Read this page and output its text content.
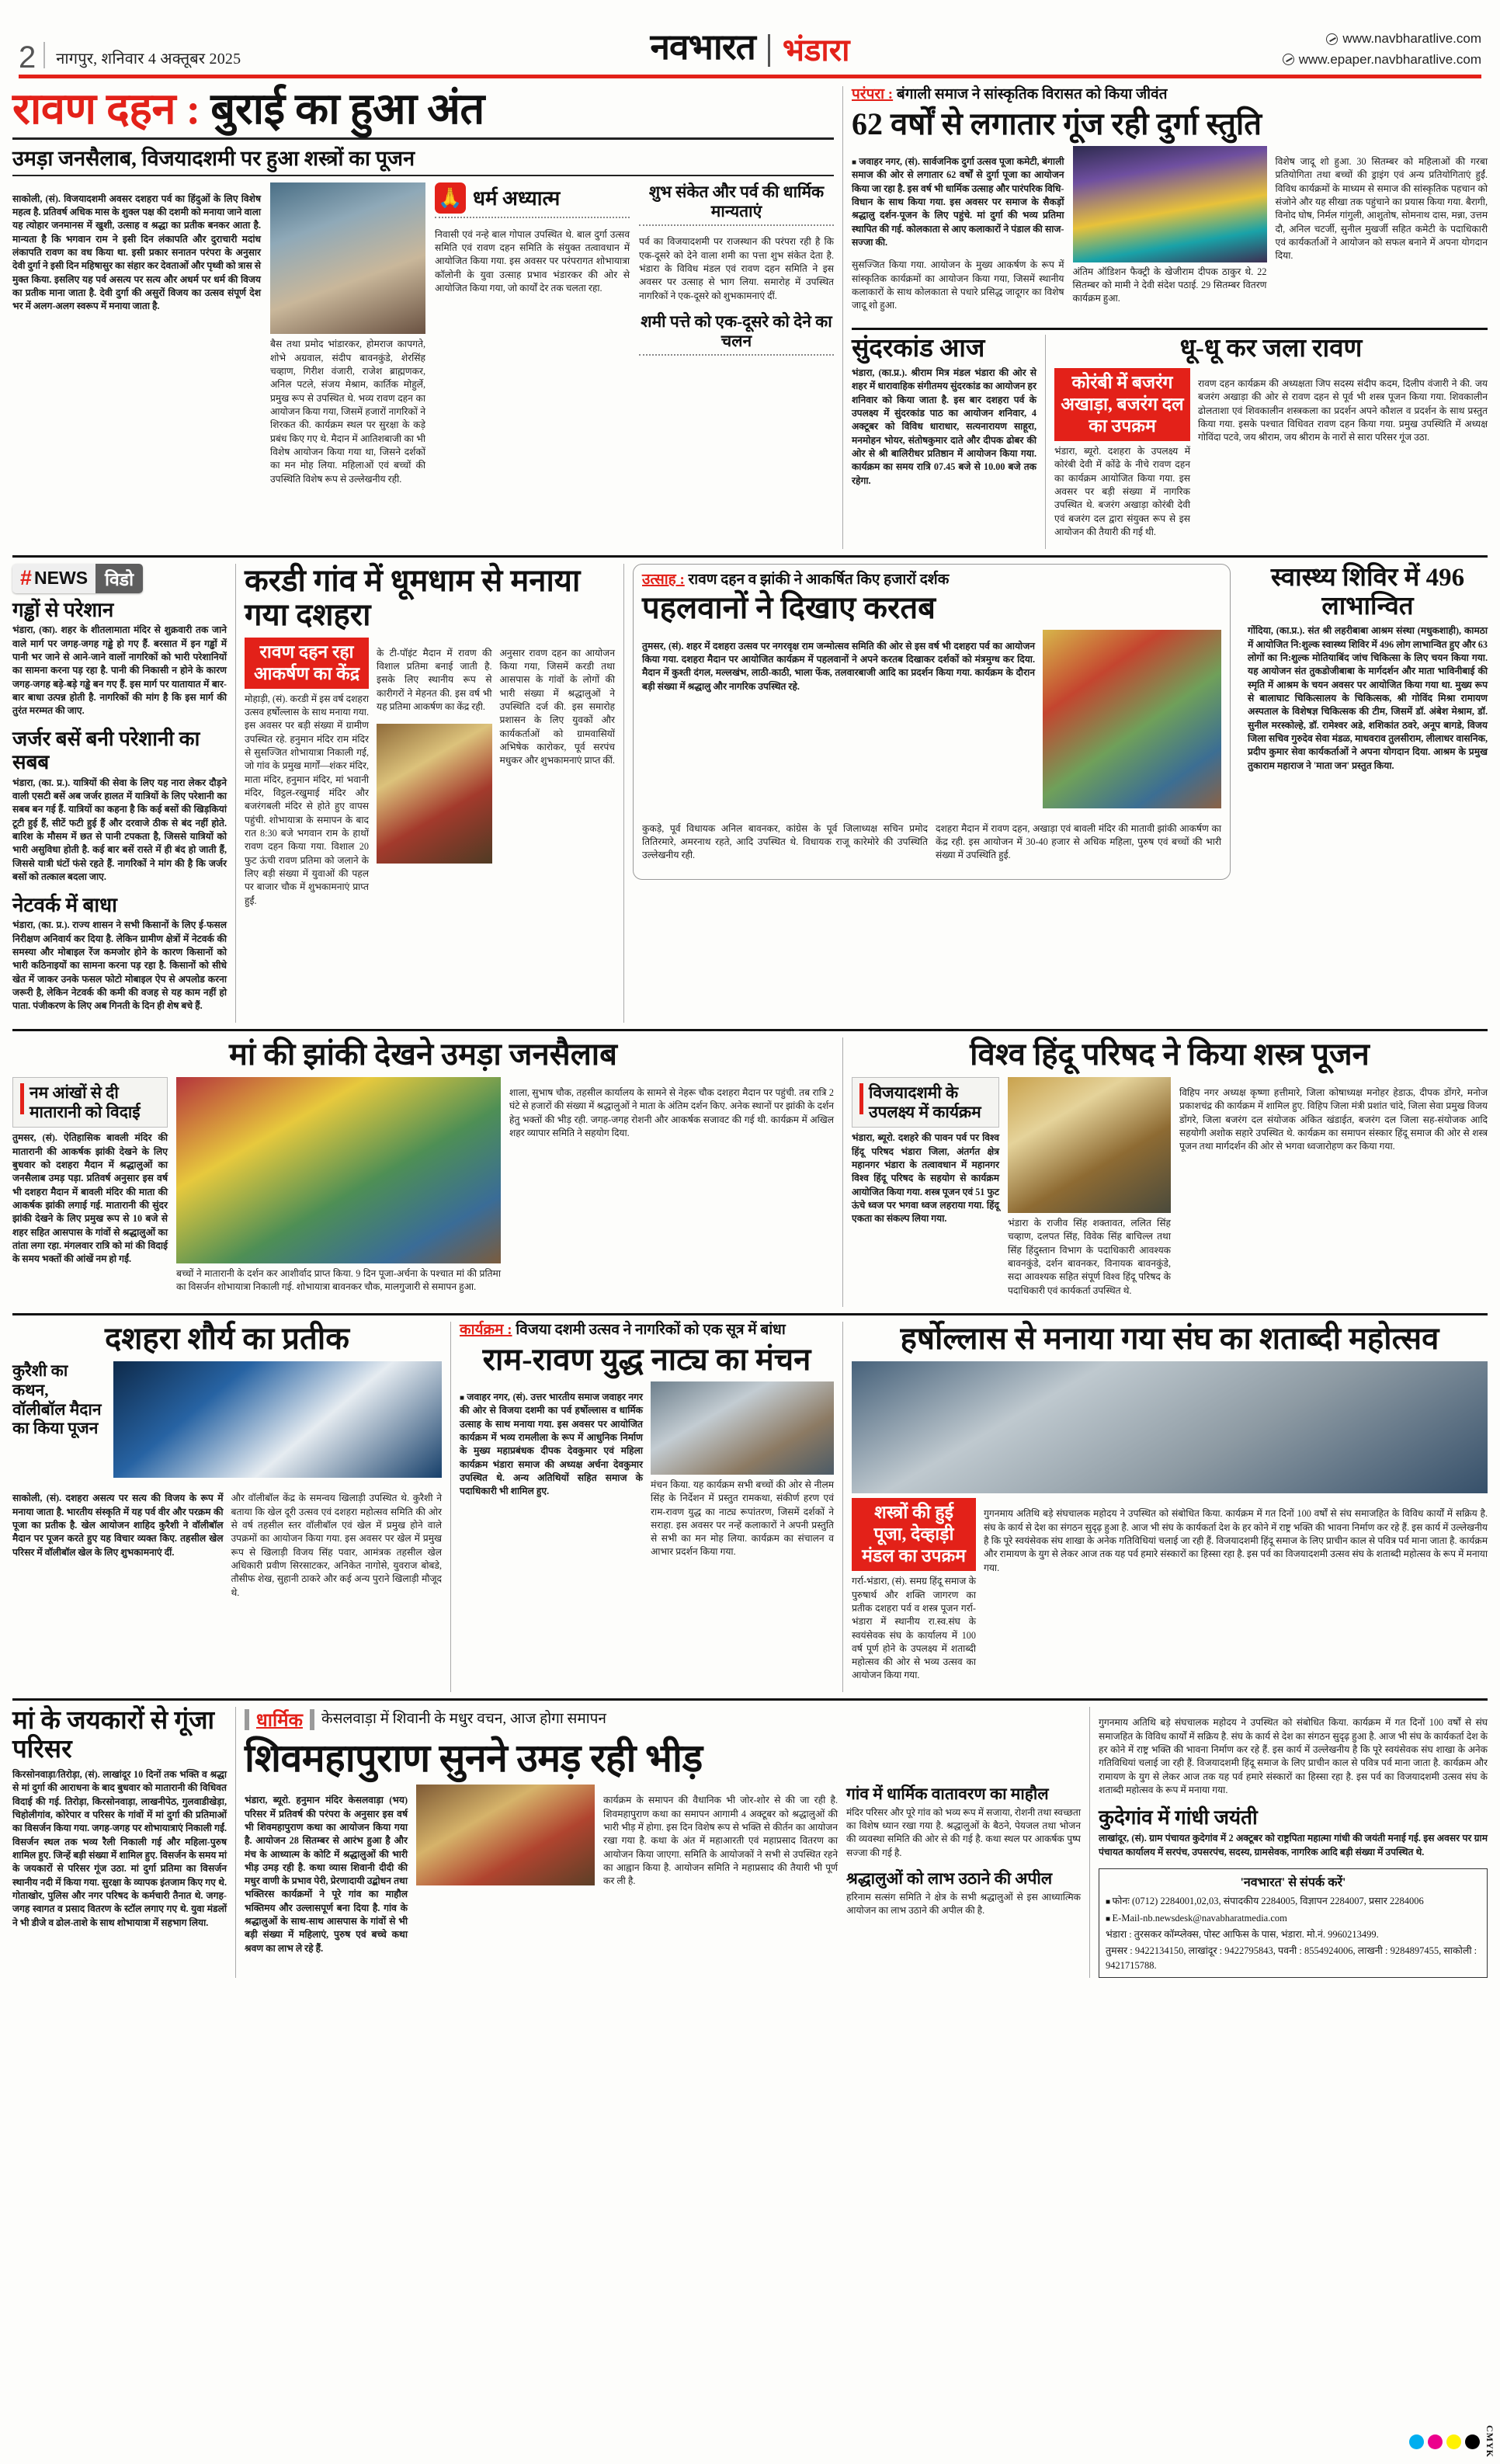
2 नागपुर, शनिवार 4 अक्तूबर 2025	नवभारत भंडारा	www.navbharatlive.com
www.epaper.navbharatlive.com
रावण दहन : बुराई का हुआ अंत
उमड़ा जनसैलाब, विजयादशमी पर हुआ शस्त्रों का पूजन

साकोली, (सं). विजयादशमी अवसर दशहरा पर्व का हिंदुओं के लिए विशेष महत्व है. प्रतिवर्ष अधिक मास के शुक्ल पक्ष की दशमी को मनाया जाने वाला यह त्योहार जनमानस में खुशी, उत्साह व श्रद्धा का प्रतीक बनकर आता है. मान्यता है कि भगवान राम ने इसी दिन लंकापति और दुराचारी मदांध लंकापति रावण का वध किया था. इसी प्रकार सनातन परंपरा के अनुसार देवी दुर्गा ने इसी दिन महिषासुर का संहार कर देवताओं और पृथ्वी को त्रास से मुक्त किया. इसलिए यह पर्व असत्य पर सत्य और अधर्म पर धर्म की विजय का प्रतीक माना जाता है. देवी दुर्गा की असुरों विजय का उत्सव संपूर्ण देश भर में अलग-अलग स्वरूप में मनाया जाता है.

बैस तथा प्रमोद भांडारकर, होमराज कापगते, शोभे अग्रवाल, संदीप बावनकुंडे, शेरसिंह चव्हाण, गिरीश वंजारी, राजेश ब्राह्मणकर, अनिल पटले, संजय मेश्राम, कार्तिक मोहुर्ले, प्रमुख रूप से उपस्थित थे. भव्य रावण दहन का आयोजन किया गया, जिसमें हजारों नागरिकों ने शिरकत की. कार्यक्रम स्थल पर सुरक्षा के कड़े प्रबंध किए गए थे. मैदान में आतिशबाजी का भी विशेष आयोजन किया गया था, जिसने दर्शकों का मन मोह लिया. महिलाओं एवं बच्चों की उपस्थिति विशेष रूप से उल्लेखनीय रही.

🙏 धर्म अध्यात्म

निवासी एवं नन्हे बाल गोपाल उपस्थित थे. बाल दुर्गा उत्सव समिति एवं रावण दहन समिति के संयुक्त तत्वावधान में आयोजित किया गया. इस अवसर पर परंपरागत शोभायात्रा कॉलोनी के युवा उत्साह प्रभाव भंडारकर की ओर से आयोजित किया गया, जो कार्यों देर तक चलता रहा.

शुभ संकेत और पर्व की धार्मिक मान्यताएं

पर्व का विजयादशमी पर राजस्थान की परंपरा रही है कि एक-दूसरे को देने वाला शमी का पत्ता शुभ संकेत देता है. भंडारा के विविध मंडल एवं रावण दहन समिति ने इस अवसर पर उत्साह से भाग लिया. समारोह में उपस्थित नागरिकों ने एक-दूसरे को शुभकामनाएं दीं.

शमी पत्ते को एक-दूसरे को देने का चलन
परंपरा : बंगाली समाज ने सांस्कृतिक विरासत को किया जीवंत
62 वर्षों से लगातार गूंज रही दुर्गा स्तुति

■ जवाहर नगर, (सं). सार्वजनिक दुर्गा उत्सव पूजा कमेटी, बंगाली समाज की ओर से लगातार 62 वर्षों से दुर्गा पूजा का आयोजन किया जा रहा है. इस वर्ष भी धार्मिक उत्साह और पारंपरिक विधि-विधान के साथ किया गया. इस अवसर पर समाज के सैकड़ों श्रद्धालु दर्शन-पूजन के लिए पहुंचे. मां दुर्गा की भव्य प्रतिमा स्थापित की गई. कोलकाता से आए कलाकारों ने पंडाल की साज-सज्जा की.

सुसज्जित किया गया. आयोजन के मुख्य आकर्षण के रूप में सांस्कृतिक कार्यक्रमों का आयोजन किया गया, जिसमें स्थानीय कलाकारों के साथ कोलकाता से पधारे प्रसिद्ध जादूगर का विशेष जादू शो हुआ.

अंतिम ऑडिशन फैक्ट्री के खेजीराम दीपक ठाकुर थे. 22 सितम्बर को मामी ने देवी संदेश पठाई. 29 सितम्बर वितरण कार्यक्रम हुआ.

विशेष जादू शो हुआ. 30 सितम्बर को महिलाओं की गरबा प्रतियोगिता तथा बच्चों की ड्राइंग एवं अन्य प्रतियोगिताएं हुईं. विविध कार्यक्रमों के माध्यम से समाज की सांस्कृतिक पहचान को संजोने और यह सीखा तक पहुंचाने का प्रयास किया गया. बैरागी, विनोद घोष, निर्मल गांगुली, आशुतोष, सोमनाथ दास, मन्ना, उत्तम दौ, अनिल चटर्जी, सुनील मुखर्जी सहित कमेटी के पदाधिकारी एवं कार्यकर्ताओं ने आयोजन को सफल बनाने में अपना योगदान दिया.

सुंदरकांड आज

भंडारा, (का.प्र.). श्रीराम मित्र मंडल भंडारा की ओर से शहर में धारावाहिक संगीतमय सुंदरकांड का आयोजन हर शनिवार को किया जाता है. इस बार दशहरा पर्व के उपलक्ष्य में सुंदरकांड पाठ का आयोजन शनिवार, 4 अक्टूबर को विविध धाराधार, सत्यनारायण साहूरा, मनमोहन भोयर, संतोषकुमार दाते और दीपक ढोबर की ओर से श्री बालिरीधर प्रतिष्ठान में आयोजन किया गया. कार्यक्रम का समय रात्रि 07.45 बजे से 10.00 बजे तक रहेगा.

धू-धू कर जला रावण
कोरंबी में बजरंग अखाड़ा, बजरंग दल का उपक्रम

भंडारा, ब्यूरो. दशहरा के उपलक्ष्य में कोरंबी देवी में कोंढे के नीचे रावण दहन का कार्यक्रम आयोजित किया गया. इस अवसर पर बड़ी संख्या में नागरिक उपस्थित थे. बजरंग अखाड़ा कोरंबी देवी एवं बजरंग दल द्वारा संयुक्त रूप से इस आयोजन की तैयारी की गई थी.

रावण दहन कार्यक्रम की अध्यक्षता जिप सदस्य संदीप कदम, दिलीप वंजारी ने की. जय बजरंग अखाड़ा की ओर से रावण दहन से पूर्व भी शस्त्र पूजन किया गया. शिवकालीन ढोलताशा एवं शिवकालीन शस्त्रकला का प्रदर्शन अपने कौशल व प्रदर्शन के साथ प्रस्तुत किया गया. इसके पश्चात विधिवत रावण दहन किया गया. प्रमुख उपस्थिति में अध्यक्ष गोविंदा पटवे, जय श्रीराम, जय श्रीराम के नारों से सारा परिसर गूंज उठा.

# NEWS विडो
गड्ढों से परेशान

भंडारा, (का). शहर के शीतलामाता मंदिर से शुक्रवारी तक जाने वाले मार्ग पर जगह-जगह गड्ढे हो गए हैं. बरसात में इन गड्ढों में पानी भर जाने से आने-जाने वालों नागरिकों को भारी परेशानियों का सामना करना पड़ रहा है. पानी की निकासी न होने के कारण जगह-जगह बड़े-बड़े गड्ढे बन गए हैं. इस मार्ग पर यातायात में बार-बार बाधा उत्पन्न होती है. नागरिकों की मांग है कि इस मार्ग की तुरंत मरम्मत की जाए.

जर्जर बसें बनी परेशानी का सबब

भंडारा, (का. प्र.). यात्रियों की सेवा के लिए यह नारा लेकर दौड़ने वाली एसटी बसें अब जर्जर हालत में यात्रियों के लिए परेशानी का सबब बन गई हैं. यात्रियों का कहना है कि कई बसों की खिड़कियां टूटी हुई हैं, सीटें फटी हुई हैं और दरवाजे ठीक से बंद नहीं होते. बारिश के मौसम में छत से पानी टपकता है, जिससे यात्रियों को भारी असुविधा होती है. कई बार बसें रास्ते में ही बंद हो जाती हैं, जिससे यात्री घंटों फंसे रहते हैं. नागरिकों ने मांग की है कि जर्जर बसों को तत्काल बदला जाए.

नेटवर्क में बाधा

भंडारा, (का. प्र.). राज्य शासन ने सभी किसानों के लिए ई-फसल निरीक्षण अनिवार्य कर दिया है. लेकिन ग्रामीण क्षेत्रों में नेटवर्क की समस्या और मोबाइल रेंज कमजोर होने के कारण किसानों को भारी कठिनाइयों का सामना करना पड़ रहा है. किसानों को सीधे खेत में जाकर उनके फसल फोटो मोबाइल ऐप से अपलोड करना जरूरी है, लेकिन नेटवर्क की कमी की वजह से यह काम नहीं हो पाता. पंजीकरण के लिए अब गिनती के दिन ही शेष बचे हैं.

करडी गांव में धूमधाम से मनाया गया दशहरा
रावण दहन रहा आकर्षण का केंद्र

मोहाड़ी, (सं). करडी में इस वर्ष दशहरा उत्सव हर्षोल्लास के साथ मनाया गया. इस अवसर पर बड़ी संख्या में ग्रामीण उपस्थित रहे. हनुमान मंदिर राम मंदिर से सुसज्जित शोभायात्रा निकाली गई, जो गांव के प्रमुख मार्गों—शंकर मंदिर, माता मंदिर, हनुमान मंदिर, मां भवानी मंदिर, विट्ठल-रखुमाई मंदिर और बजरंगबली मंदिर से होते हुए वापस पहुंची. शोभायात्रा के समापन के बाद रात 8:30 बजे भगवान राम के हाथों रावण दहन किया गया. विशाल 20 फुट ऊंची रावण प्रतिमा को जलाने के लिए बड़ी संख्या में युवाओं की पहल पर बाजार चौक में शुभकामनाएं प्राप्त हुईं.

के टी-पॉइंट मैदान में रावण की विशाल प्रतिमा बनाई जाती है. इसके लिए स्थानीय रूप से कारीगरों ने मेहनत की. इस वर्ष भी यह प्रतिमा आकर्षण का केंद्र रही.

अनुसार रावण दहन का आयोजन किया गया, जिसमें करडी तथा आसपास के गांवों के लोगों की भारी संख्या में श्रद्धालुओं ने उपस्थिति दर्ज की. इस समारोह प्रशासन के लिए युवकों और कार्यकर्ताओं को ग्रामवासियों अभिषेक कारोकर, पूर्व सरपंच मधुकर और शुभकामनाएं प्राप्त कीं.

उत्साह : रावण दहन व झांकी ने आकर्षित किए हजारों दर्शक
पहलवानों ने दिखाए करतब

तुमसर, (सं). शहर में दशहरा उत्सव पर नगरवृक्ष राम जन्मोत्सव समिति की ओर से इस वर्ष भी दशहरा पर्व का आयोजन किया गया. दशहरा मैदान पर आयोजित कार्यक्रम में पहलवानों ने अपने करतब दिखाकर दर्शकों को मंत्रमुग्ध कर दिया. मैदान में कुश्ती दंगल, मल्लखंभ, लाठी-काठी, भाला फेंक, तलवारबाजी आदि का प्रदर्शन किया गया. कार्यक्रम के दौरान बड़ी संख्या में श्रद्धालु और नागरिक उपस्थित रहे.

कुकड़े, पूर्व विधायक अनिल बावनकर, कांग्रेस के पूर्व जिलाध्यक्ष सचिन प्रमोद तितिरमारे, अमरनाथ रहते, आदि उपस्थित थे. विधायक राजू कारेमोरे की उपस्थिति उल्लेखनीय रही.

दशहरा मैदान में रावण दहन, अखाड़ा एवं बावली मंदिर की मातावी झांकी आकर्षण का केंद्र रही. इस आयोजन में 30-40 हजार से अधिक महिला, पुरुष एवं बच्चों की भारी संख्या में उपस्थिति हुई.

स्वास्थ्य शिविर में 496 लाभान्वित

गोंदिया, (का.प्र.). संत श्री लहरीबाबा आश्रम संस्था (मधुकशाही), कामठा में आयोजित नि:शुल्क स्वास्थ्य शिविर में 496 लोग लाभान्वित हुए और 63 लोगों का नि:शुल्क मोतियाबिंद जांच चिकित्सा के लिए चयन किया गया. यह आयोजन संत तुकडोजीबाबा के मार्गदर्शन और माता भाविनीबाई की स्मृति में आश्रम के चयन अवसर पर आयोजित किया गया था. मुख्य रूप से बालाघाट चिकित्सालय के चिकित्सक, श्री गोविंद मिश्रा रामायण अस्पताल के विशेषज्ञ चिकित्सक की टीम, जिसमें डॉ. अंबेश मेश्राम, डॉ. सुनील मरस्कोल्हे, डॉ. रामेश्वर अडे, शशिकांत ठवरे, अनूप बागडे, विजय जिला सचिव गुरुदेव सेवा मंडळ, माधवराव तुलसीराम, लीलाधर वासनिक, प्रदीप कुमार सेवा कार्यकर्ताओं ने अपना योगदान दिया. आश्रम के प्रमुख तुकाराम महाराज ने 'माता जन' प्रस्तुत किया.

मां की झांकी देखने उमड़ा जनसैलाब
नम आंखों से दी मातारानी को विदाई

तुमसर, (सं). ऐतिहासिक बावली मंदिर की मातारानी की आकर्षक झांकी देखने के लिए बुधवार को दशहरा मैदान में श्रद्धालुओं का जनसैलाब उमड़ पड़ा. प्रतिवर्ष अनुसार इस वर्ष भी दशहरा मैदान में बावली मंदिर की माता की आकर्षक झांकी लगाई गई. मातारानी की सुंदर झांकी देखने के लिए प्रमुख रूप से 10 बजे से शहर सहित आसपास के गांवों से श्रद्धालुओं का तांता लगा रहा. मंगलवार रात्रि को मां की विदाई के समय भक्तों की आंखें नम हो गईं.

बच्चों ने मातारानी के दर्शन कर आशीर्वाद प्राप्त किया. 9 दिन पूजा-अर्चना के पश्चात मां की प्रतिमा का विसर्जन शोभायात्रा निकाली गई. शोभायात्रा बावनकर चौक, मालगुजारी से समापन हुआ.

शाला, सुभाष चौक, तहसील कार्यालय के सामने से नेहरू चौक दशहरा मैदान पर पहुंची. तब रात्रि 2 घंटे से हजारों की संख्या में श्रद्धालुओं ने माता के अंतिम दर्शन किए. अनेक स्थानों पर झांकी के दर्शन हेतु भक्तों की भीड़ रही. जगह-जगह रोशनी और आकर्षक सजावट की गई थी. कार्यक्रम में अखिल शहर व्यापार समिति ने सहयोग दिया.

विश्व हिंदू परिषद ने किया शस्त्र पूजन
विजयादशमी के उपलक्ष्य में कार्यक्रम

भंडारा, ब्यूरो. दशहरे की पावन पर्व पर विश्व हिंदू परिषद भंडारा जिला, अंतर्गत क्षेत्र महानगर भंडारा के तत्वावधान में महानगर विश्व हिंदू परिषद के सहयोग से कार्यक्रम आयोजित किया गया. शस्त्र पूजन एवं 51 फुट ऊंचे ध्वज पर भगवा ध्वज लहराया गया. हिंदू एकता का संकल्प लिया गया.	भंडारा के राजीव सिंह शक्तावत, ललित सिंह चव्हाण, दलपत सिंह, विवेक सिंह बाचिल्ल तथा सिंह हिंदुस्तान विभाग के पदाधिकारी आवश्यक बावनकुंडे, दर्शन बावनकर, विनायक बावनकुंडे, सदा आवश्यक सहित संपूर्ण विश्व हिंदू परिषद के पदाधिकारी एवं कार्यकर्ता उपस्थित थे.

विहिप नगर अध्यक्ष कृष्णा हत्तीमारे, जिला कोषाध्यक्ष मनोहर हेडाऊ, दीपक डोंगरे, मनोज प्रकाशचंद्र की कार्यक्रम में शामिल हुए. विहिप जिला मंत्री प्रशांत चांदे, जिला सेवा प्रमुख विजय डोंगरे, जिला बजरंग दल संयोजक अंकित खंडाईत, बजरंग दल जिला सह-संयोजक आदि सहयोगी अशोक सहारे उपस्थित थे. कार्यक्रम का समापन संस्कार हिंदू समाज की ओर से शस्त्र पूजन तथा मार्गदर्शन की ओर से भगवा ध्वजारोहण कर किया गया.

दशहरा शौर्य का प्रतीक
कुरैशी का कथन, वॉलीबॉल मैदान का किया पूजन

साकोली, (सं). दशहरा असत्य पर सत्य की विजय के रूप में मनाया जाता है. भारतीय संस्कृति में यह पर्व वीर और परक्रम की पूजा का प्रतीक है. खेल आयोजन शाहिद कुरैशी ने वॉलीबॉल मैदान पर पूजन करते हुए यह विचार व्यक्त किए. तहसील खेल परिसर में वॉलीबॉल खेल के लिए शुभकामनाएं दीं.

और वॉलीबॉल केंद्र के समन्वय खिलाड़ी उपस्थित थे. कुरैशी ने बताया कि खेल दूरी उत्सव एवं दशहरा महोत्सव समिति की ओर से वर्ष तहसील स्तर वॉलीबॉल एवं खेल में प्रमुख होने वाले उपक्रमों का आयोजन किया गया. इस अवसर पर खेल में प्रमुख रूप से खिलाड़ी विजय सिंह पवार, आमंत्रक तहसील खेल अधिकारी प्रवीण सिरसाटकर, अनिकेत नागोसे, युवराज बोबडे, तौसीफ शेख, सुहानी ठाकरे और कई अन्य पुराने खिलाड़ी मौजूद थे.

कार्यक्रम : विजया दशमी उत्सव ने नागरिकों को एक सूत्र में बांधा
राम-रावण युद्ध नाट्य का मंचन

■ जवाहर नगर, (सं). उत्तर भारतीय समाज जवाहर नगर की ओर से विजया दशमी का पर्व हर्षोल्लास व धार्मिक उत्साह के साथ मनाया गया. इस अवसर पर आयोजित कार्यक्रम में भव्य रामलीला के रूप में आधुनिक निर्माण के मुख्य महाप्रबंधक दीपक देवकुमार एवं महिला कार्यक्रम भंडारा समाज की अध्यक्ष अर्चना देवकुमार उपस्थित थे. अन्य अतिथियों सहित समाज के पदाधिकारी भी शामिल हुए.

मंचन किया. यह कार्यक्रम सभी बच्चों की ओर से नीलम सिंह के निर्देशन में प्रस्तुत रामकथा, संकीर्ण हरण एवं राम-रावण युद्ध का नाट्य रूपांतरण, जिसमें दर्शकों ने सराहा. इस अवसर पर नन्हें कलाकारों ने अपनी प्रस्तुति से सभी का मन मोह लिया. कार्यक्रम का संचालन व आभार प्रदर्शन किया गया.

हर्षोल्लास से मनाया गया संघ का शताब्दी महोत्सव
शस्त्रों की हुई पूजा, देव्हाड़ी मंडल का उपक्रम

गर्रा-भंडारा, (सं). समग्र हिंदू समाज के पुरुषार्थ और शक्ति जागरण का प्रतीक दशहरा पर्व व शस्त्र पूजन गर्रा-भंडारा में स्थानीय रा.स्व.संघ के स्वयंसेवक संघ के कार्यालय में 100 वर्ष पूर्ण होने के उपलक्ष्य में शताब्दी महोत्सव की ओर से भव्य उत्सव का आयोजन किया गया.

गुगनमाय अतिथि बड़े संघचालक महोदय ने उपस्थित को संबोधित किया. कार्यक्रम में गत दिनों 100 वर्षों से संघ समाजहित के विविध कार्यों में सक्रिय है. संघ के कार्य से देश का संगठन सुदृढ़ हुआ है. आज भी संघ के कार्यकर्ता देश के हर कोने में राष्ट्र भक्ति की भावना निर्माण कर रहे हैं. इस कार्य में उल्लेखनीय है कि पूरे स्वयंसेवक संघ शाखा के अनेक गतिविधियां चलाई जा रही हैं. विजयादशमी हिंदू समाज के लिए प्राचीन काल से पवित्र पर्व माना जाता है. कार्यक्रम और रामायण के युग से लेकर आज तक यह पर्व हमारे संस्कारों का हिस्सा रहा है. इस पर्व का विजयादशमी उत्सव संघ के शताब्दी महोत्सव के रूप में मनाया गया.

मां के जयकारों से गूंजा परिसर

किरसोनवाड़ा/तिरोड़ा, (सं). लाखांदूर 10 दिनों तक भक्ति व श्रद्धा से मां दुर्गा की आराधना के बाद बुधवार को मातारानी की विधिवत विदाई की गई. तिरोड़ा, किरसोनवाड़ा, लाखनीपेठ, गुलवाडीखेड़ा, चिहोलीगांव, कोरेपार व परिसर के गांवों में मां दुर्गा की प्रतिमाओं का विसर्जन किया गया. जगह-जगह पर शोभायात्राएं निकाली गईं. विसर्जन स्थल तक भव्य रैली निकाली गई और महिला-पुरुष शामिल हुए. जिन्हें बड़ी संख्या में शामिल हुए. विसर्जन के समय मां के जयकारों से परिसर गूंज उठा. मां दुर्गा प्रतिमा का विसर्जन स्थानीय नदी में किया गया. सुरक्षा के व्यापक इंतजाम किए गए थे. गोताखोर, पुलिस और नगर परिषद के कर्मचारी तैनात थे. जगह-जगह स्वागत व प्रसाद वितरण के स्टॉल लगाए गए थे. युवा मंडलों ने भी डीजे व ढोल-ताशे के साथ शोभायात्रा में सहभाग लिया.

धार्मिक केसलवाड़ा में शिवानी के मधुर वचन, आज होगा समापन
शिवमहापुराण सुनने उमड़ रही भीड़

भंडारा, ब्यूरो. हनुमान मंदिर केसलवाड़ा (भय) परिसर में प्रतिवर्ष की परंपरा के अनुसार इस वर्ष भी शिवमहापुराण कथा का आयोजन किया गया है. आयोजन 28 सितम्बर से आरंभ हुआ है और मंच के आध्यात्म के कोटि में श्रद्धालुओं की भारी भीड़ उमड़ रही है. कथा व्यास शिवानी दीदी की मधुर वाणी के प्रभाव पेरी, प्रेरणादायी उद्बोधन तथा भक्तिरस कार्यक्रमों ने पूरे गांव का माहौल भक्तिमय और उल्लासपूर्ण बना दिया है. गांव के श्रद्धालुओं के साथ-साथ आसपास के गांवों से भी बड़ी संख्या में महिलाएं, पुरुष एवं बच्चे कथा श्रवण का लाभ ले रहे हैं.

कार्यक्रम के समापन की वैधानिक भी जोर-शोर से की जा रही है. शिवमहापुराण कथा का समापन आगामी 4 अक्टूबर को श्रद्धालुओं की भारी भीड़ में होगा. इस दिन विशेष रूप से भक्ति से कीर्तन का आयोजन रखा गया है. कथा के अंत में महाआरती एवं महाप्रसाद वितरण का आयोजन किया जाएगा. समिति के आयोजकों ने सभी से उपस्थित रहने का आह्वान किया है. आयोजन समिति ने महाप्रसाद की तैयारी भी पूर्ण कर ली है.

गांव में धार्मिक वातावरण का माहौल

मंदिर परिसर और पूरे गांव को भव्य रूप में सजाया, रोशनी तथा स्वच्छता का विशेष ध्यान रखा गया है. श्रद्धालुओं के बैठने, पेयजल तथा भोजन की व्यवस्था समिति की ओर से की गई है. कथा स्थल पर आकर्षक पुष्प सज्जा की गई है.

श्रद्धालुओं को लाभ उठाने की अपील

हरिनाम सत्संग समिति ने क्षेत्र के सभी श्रद्धालुओं से इस आध्यात्मिक आयोजन का लाभ उठाने की अपील की है.

गुगनमाय अतिथि बड़े संघचालक महोदय ने उपस्थित को संबोधित किया. कार्यक्रम में गत दिनों 100 वर्षों से संघ समाजहित के विविध कार्यों में सक्रिय है. संघ के कार्य से देश का संगठन सुदृढ़ हुआ है. आज भी संघ के कार्यकर्ता देश के हर कोने में राष्ट्र भक्ति की भावना निर्माण कर रहे हैं. इस कार्य में उल्लेखनीय है कि पूरे स्वयंसेवक संघ शाखा के अनेक गतिविधियां चलाई जा रही हैं. विजयादशमी हिंदू समाज के लिए प्राचीन काल से पवित्र पर्व माना जाता है. कार्यक्रम और रामायण के युग से लेकर आज तक यह पर्व हमारे संस्कारों का हिस्सा रहा है. इस पर्व का विजयादशमी उत्सव संघ के शताब्दी महोत्सव के रूप में मनाया गया.

कुदेगांव में गांधी जयंती

लाखांदूर, (सं). ग्राम पंचायत कुदेगांव में 2 अक्टूबर को राष्ट्रपिता महात्मा गांधी की जयंती मनाई गई. इस अवसर पर ग्राम पंचायत कार्यालय में सरपंच, उपसरपंच, सदस्य, ग्रामसेवक, नागरिक आदि बड़ी संख्या में उपस्थित थे.

'नवभारत' से संपर्क करें'

■ फोनः (0712) 2284001,02,03, संपादकीय 2284005, विज्ञापन 2284007, प्रसार 2284006

■ E-Mail-nb.newsdesk@navabharatmedia.com

भंडारा : तुरसकर कॉम्प्लेक्स, पोस्ट आफिस के पास, भंडारा. मो.नं. 9960213499.

तुमसर : 9422134150, लाखांदूर : 9422795843, पवनी : 8554924006, लाखनी : 9284897455, साकोली : 9421715788.

CMYK
